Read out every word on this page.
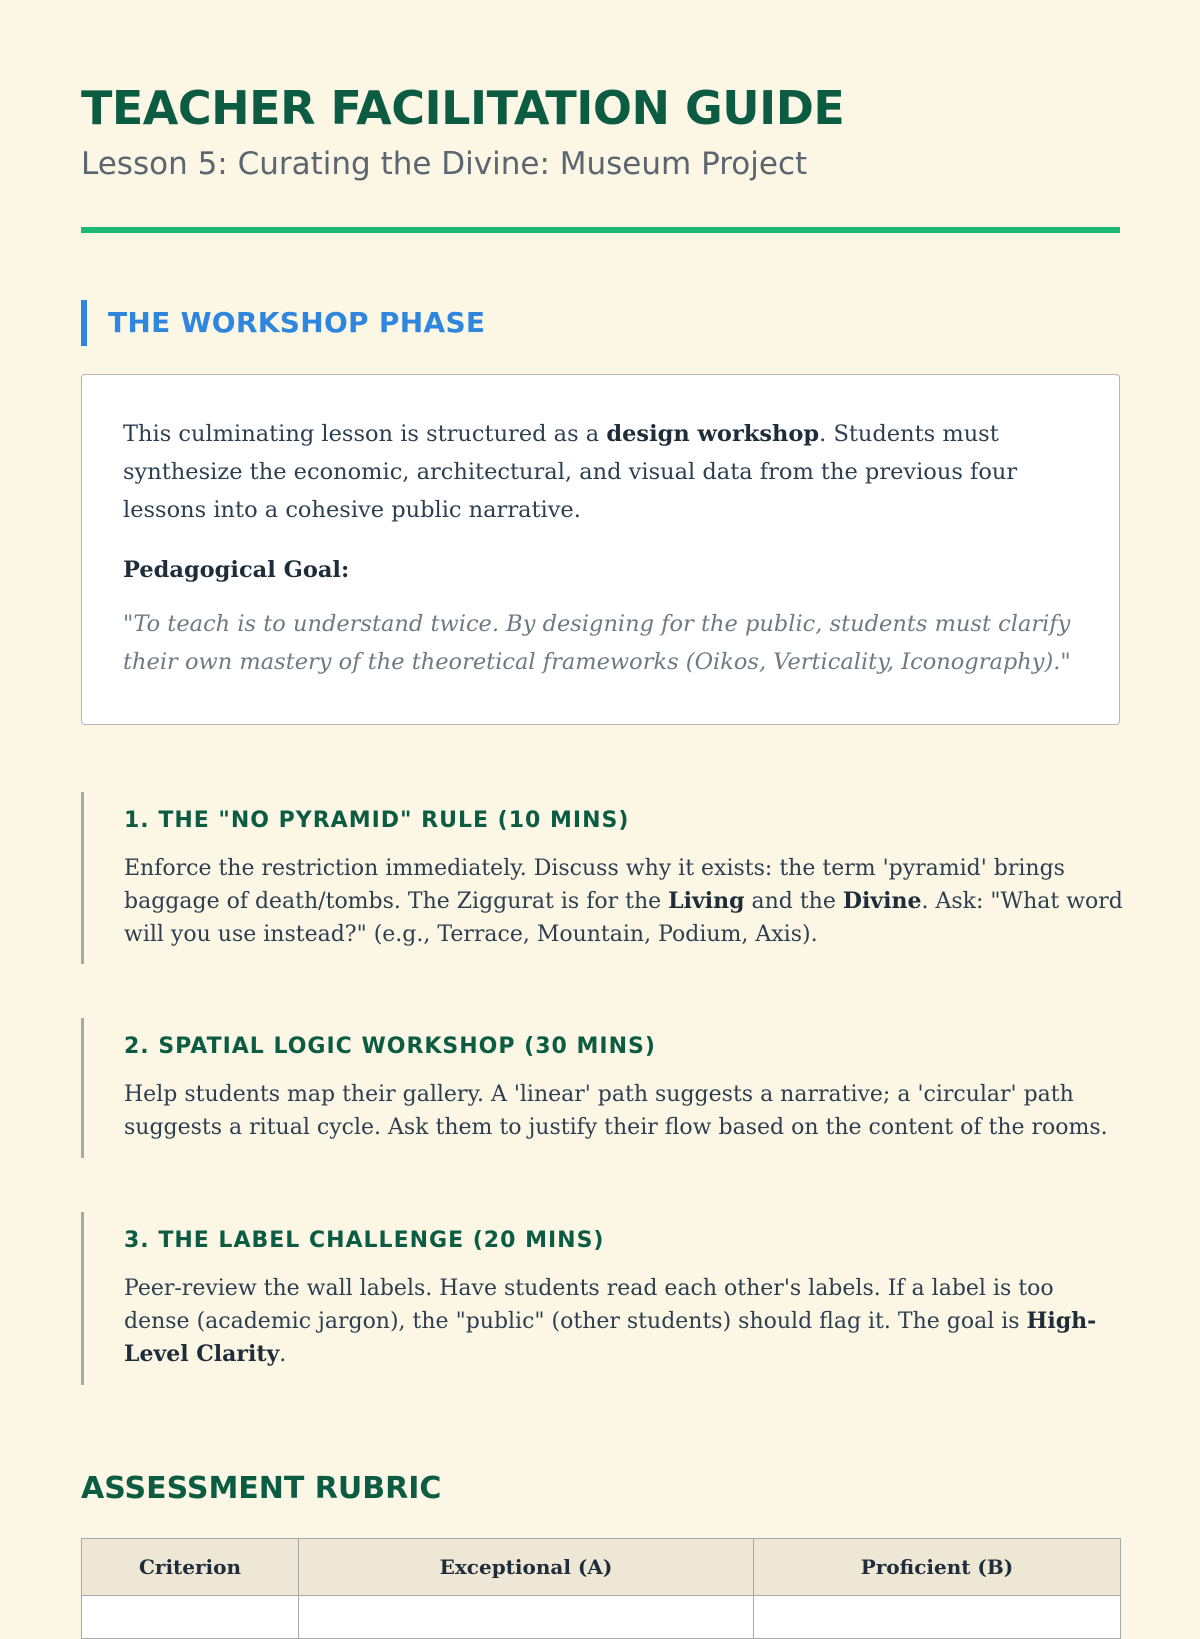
TEACHER FACILITATION GUIDE
Lesson 5: Curating the Divine: Museum Project
THE WORKSHOP PHASE
This culminating lesson is structured as a design workshop. Students must synthesize the economic, architectural, and visual data from the previous four lessons into a cohesive public narrative.
Pedagogical Goal:
"To teach is to understand twice. By designing for the public, students must clarify their own mastery of the theoretical frameworks (Oikos, Verticality, Iconography)."
1. THE "NO PYRAMID" RULE (10 MINS)
Enforce the restriction immediately. Discuss why it exists: the term 'pyramid' brings baggage of death/tombs. The Ziggurat is for the Living and the Divine. Ask: "What word will you use instead?" (e.g., Terrace, Mountain, Podium, Axis).
2. SPATIAL LOGIC WORKSHOP (30 MINS)
Help students map their gallery. A 'linear' path suggests a narrative; a 'circular' path suggests a ritual cycle. Ask them to justify their flow based on the content of the rooms.
3. THE LABEL CHALLENGE (20 MINS)
Peer-review the wall labels. Have students read each other's labels. If a label is too dense (academic jargon), the "public" (other students) should flag it. The goal is High-Level Clarity.
ASSESSMENT RUBRIC
Criterion	Exceptional (A)	Proficient (B)
